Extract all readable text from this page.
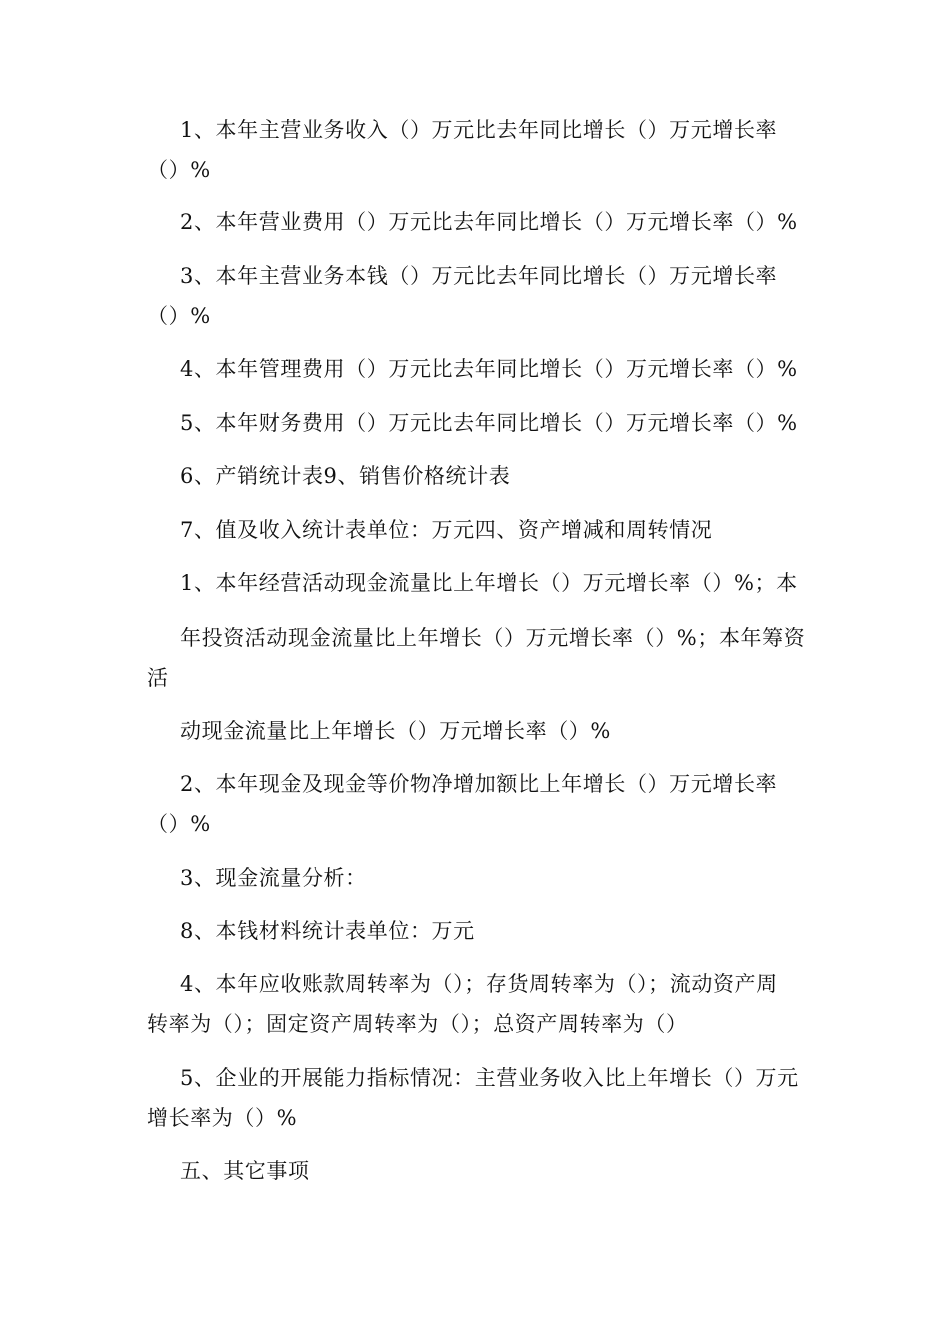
1、本年主营业务收入（）万元比去年同比增长（）万元增长率
（）%
2、本年营业费用（）万元比去年同比增长（）万元增长率（）%
3、本年主营业务本钱（）万元比去年同比增长（）万元增长率
（）%
4、本年管理费用（）万元比去年同比增长（）万元增长率（）%
5、本年财务费用（）万元比去年同比增长（）万元增长率（）%
6、产销统计表9、销售价格统计表
7、值及收入统计表单位：万元四、资产增减和周转情况
1、本年经营活动现金流量比上年增长（）万元增长率（）%；本
年投资活动现金流量比上年增长（）万元增长率（）%；本年筹资
活
动现金流量比上年增长（）万元增长率（）%
2、本年现金及现金等价物净增加额比上年增长（）万元增长率
（）%
3、现金流量分析：
8、本钱材料统计表单位：万元
4、本年应收账款周转率为（）；存货周转率为（）；流动资产周
转率为（）；固定资产周转率为（）；总资产周转率为（）
5、企业的开展能力指标情况：主营业务收入比上年增长（）万元
增长率为（）%
五、其它事项
